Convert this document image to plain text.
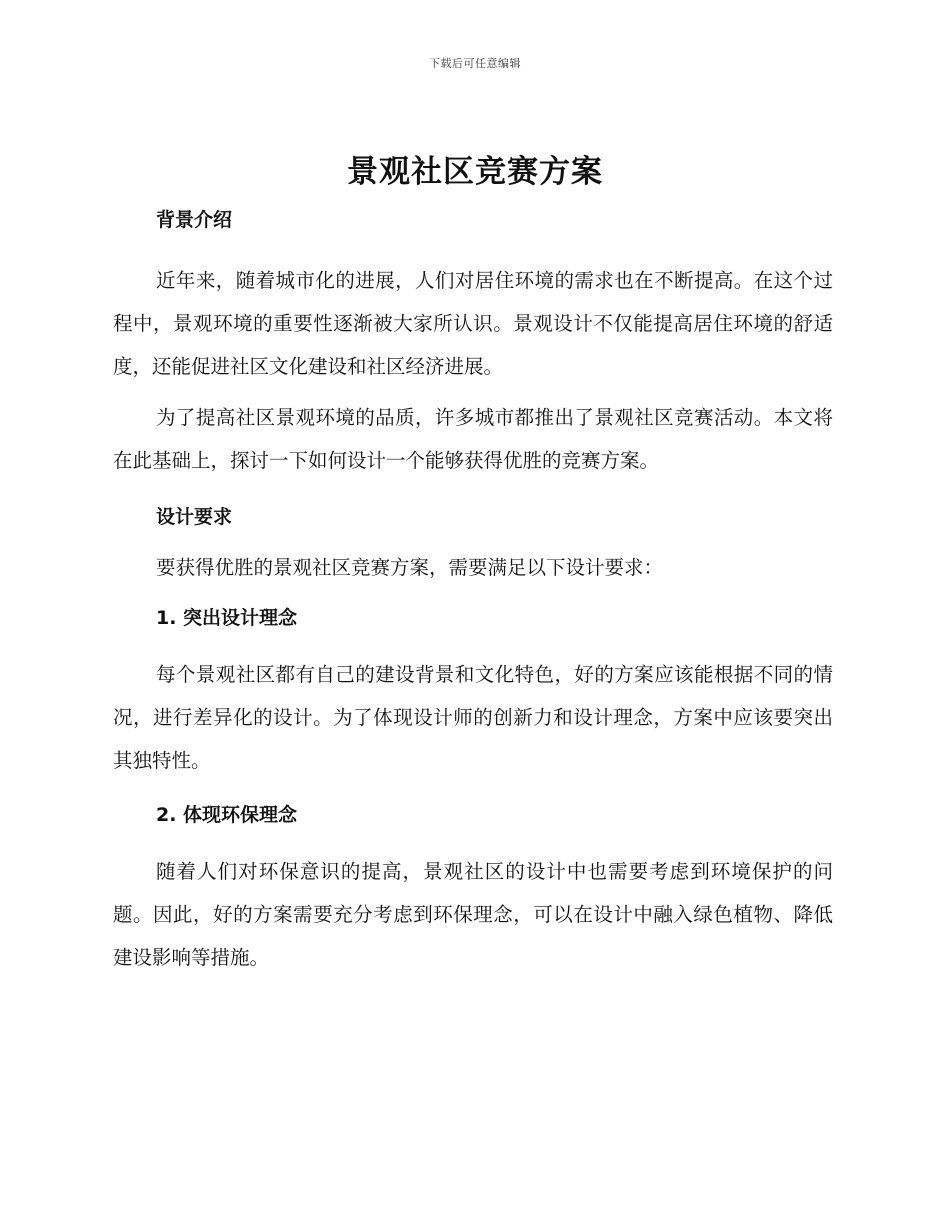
下载后可任意编辑
景观社区竞赛方案
背景介绍

近年来，随着城市化的进展，人们对居住环境的需求也在不断提高。在这个过程中，景观环境的重要性逐渐被大家所认识。景观设计不仅能提高居住环境的舒适度，还能促进社区文化建设和社区经济进展。

为了提高社区景观环境的品质，许多城市都推出了景观社区竞赛活动。本文将在此基础上，探讨一下如何设计一个能够获得优胜的竞赛方案。

设计要求

要获得优胜的景观社区竞赛方案，需要满足以下设计要求：

1. 突出设计理念

每个景观社区都有自己的建设背景和文化特色，好的方案应该能根据不同的情况，进行差异化的设计。为了体现设计师的创新力和设计理念，方案中应该要突出其独特性。

2. 体现环保理念

随着人们对环保意识的提高，景观社区的设计中也需要考虑到环境保护的问题。因此，好的方案需要充分考虑到环保理念，可以在设计中融入绿色植物、降低建设影响等措施。
